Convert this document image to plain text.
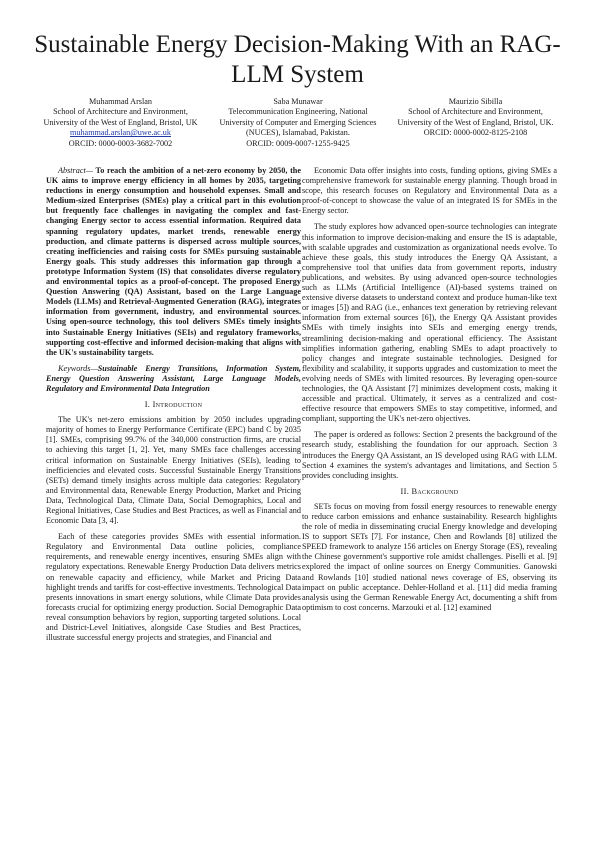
Sustainable Energy Decision-Making With an RAG-LLM System
Muhammad Arslan
School of Architecture and Environment, University of the West of England, Bristol, UK
muhammad.arslan@uwe.ac.uk
ORCID: 0000-0003-3682-7002
Saba Munawar
Telecommunication Engineering, National University of Computer and Emerging Sciences (NUCES), Islamabad, Pakistan.
ORCID: 0009-0007-1255-9425
Maurizio Sibilla
School of Architecture and Environment, University of the West of England, Bristol, UK.
ORCID: 0000-0002-8125-2108

Abstract— To reach the ambition of a net-zero economy by 2050, the UK aims to improve energy efficiency in all homes by 2035, targeting reductions in energy consumption and household expenses. Small and Medium-sized Enterprises (SMEs) play a critical part in this evolution but frequently face challenges in navigating the complex and fast-changing Energy sector to access essential information. Required data spanning regulatory updates, market trends, renewable energy production, and climate patterns is dispersed across multiple sources, creating inefficiencies and raising costs for SMEs pursuing sustainable Energy goals. This study addresses this information gap through a prototype Information System (IS) that consolidates diverse regulatory and environmental topics as a proof-of-concept. The proposed Energy Question Answering (QA) Assistant, based on the Large Language Models (LLMs) and Retrieval-Augmented Generation (RAG), integrates information from government, industry, and environmental sources. Using open-source technology, this tool delivers SMEs timely insights into Sustainable Energy Initiatives (SEIs) and regulatory frameworks, supporting cost-effective and informed decision-making that aligns with the UK's sustainability targets.

Keywords—Sustainable Energy Transitions, Information System, Energy Question Answering Assistant, Large Language Models, Regulatory and Environmental Data Integration

I. Introduction

The UK's net-zero emissions ambition by 2050 includes upgrading majority of homes to Energy Performance Certificate (EPC) band C by 2035 [1]. SMEs, comprising 99.7% of the 340,000 construction firms, are crucial to achieving this target [1, 2]. Yet, many SMEs face challenges accessing critical information on Sustainable Energy Initiatives (SEIs), leading to inefficiencies and elevated costs. Successful Sustainable Energy Transitions (SETs) demand timely insights across multiple data categories: Regulatory and Environmental data, Renewable Energy Production, Market and Pricing Data, Technological Data, Climate Data, Social Demographics, Local and Regional Initiatives, Case Studies and Best Practices, as well as Financial and Economic Data [3, 4].

Each of these categories provides SMEs with essential information. Regulatory and Environmental Data outline policies, compliance requirements, and renewable energy incentives, ensuring SMEs align with regulatory expectations. Renewable Energy Production Data delivers metrics on renewable capacity and efficiency, while Market and Pricing Data highlight trends and tariffs for cost-effective investments. Technological Data presents innovations in smart energy solutions, while Climate Data provides forecasts crucial for optimizing energy production. Social Demographic Data reveal consumption behaviors by region, supporting targeted solutions. Local and District-Level Initiatives, alongside Case Studies and Best Practices, illustrate successful energy projects and strategies, and Financial and

Economic Data offer insights into costs, funding options, giving SMEs a comprehensive framework for sustainable energy planning. Though broad in scope, this research focuses on Regulatory and Environmental Data as a proof-of-concept to showcase the value of an integrated IS for SMEs in the Energy sector.

The study explores how advanced open-source technologies can integrate this information to improve decision-making and ensure the IS is adaptable, with scalable upgrades and customization as organizational needs evolve. To achieve these goals, this study introduces the Energy QA Assistant, a comprehensive tool that unifies data from government reports, industry publications, and websites. By using advanced open-source technologies such as LLMs (Artificial Intelligence (AI)-based systems trained on extensive diverse datasets to understand context and produce human-like text or images [5]) and RAG (i.e., enhances text generation by retrieving relevant information from external sources [6]), the Energy QA Assistant provides SMEs with timely insights into SEIs and emerging energy trends, streamlining decision-making and operational efficiency. The Assistant simplifies information gathering, enabling SMEs to adapt proactively to policy changes and integrate sustainable technologies. Designed for flexibility and scalability, it supports upgrades and customization to meet the evolving needs of SMEs with limited resources. By leveraging open-source technologies, the QA Assistant [7] minimizes development costs, making it accessible and practical. Ultimately, it serves as a centralized and cost-effective resource that empowers SMEs to stay competitive, informed, and compliant, supporting the UK's net-zero objectives.

The paper is ordered as follows: Section 2 presents the background of the research study, establishing the foundation for our approach. Section 3 introduces the Energy QA Assistant, an IS developed using RAG with LLM. Section 4 examines the system's advantages and limitations, and Section 5 provides concluding insights.

II. Background

SETs focus on moving from fossil energy resources to renewable energy to reduce carbon emissions and enhance sustainability. Research highlights the role of media in disseminating crucial Energy knowledge and developing IS to support SETs [7]. For instance, Chen and Rowlands [8] utilized the SPEED framework to analyze 156 articles on Energy Storage (ES), revealing the Chinese government's supportive role amidst challenges. Piselli et al. [9] explored the impact of online sources on Energy Communities. Ganowski and Rowlands [10] studied national news coverage of ES, observing its impact on public acceptance. Dehler-Holland et al. [11] did media framing analysis using the German Renewable Energy Act, documenting a shift from optimism to cost concerns. Marzouki et al. [12] examined
